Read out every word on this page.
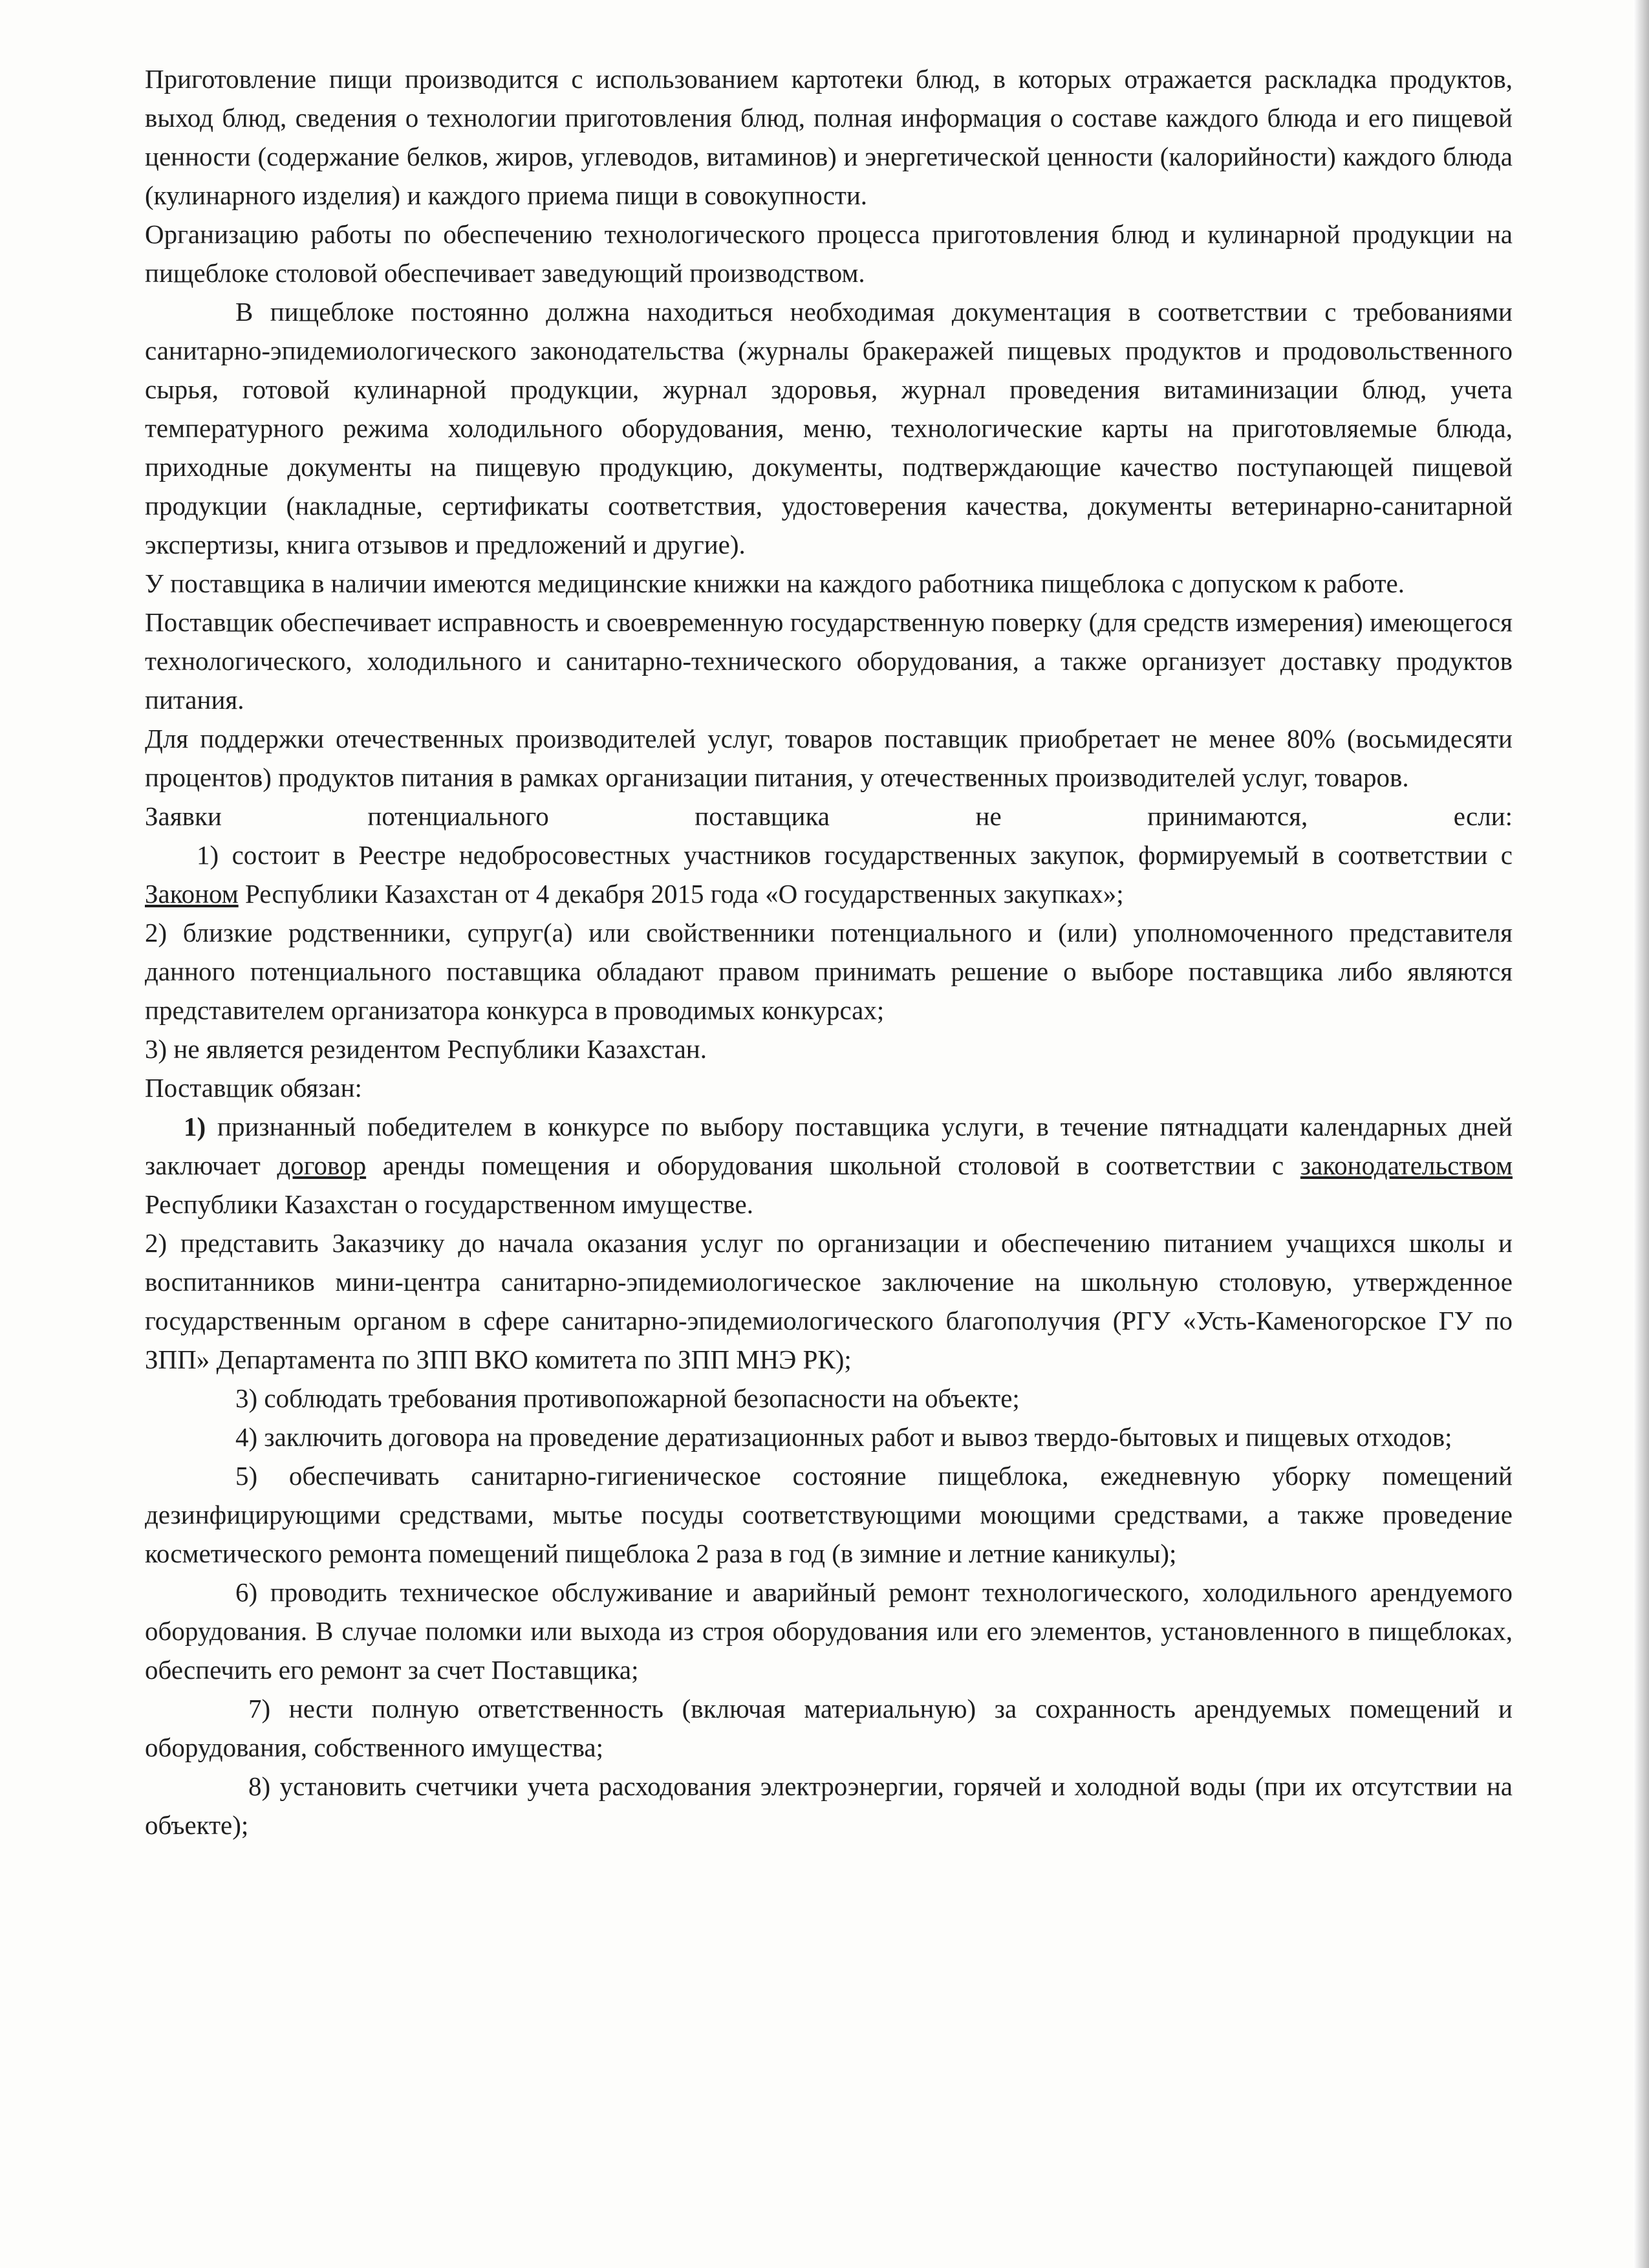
Приготовление пищи производится с использованием картотеки блюд, в которых отражается раскладка продуктов, выход блюд, сведения о технологии приготовления блюд, полная информация о составе каждого блюда и его пищевой ценности (содержание белков, жиров, углеводов, витаминов) и энергетической ценности (калорийности) каждого блюда (кулинарного изделия) и каждого приема пищи в совокупности.

Организацию работы по обеспечению технологического процесса приготовления блюд и кулинарной продукции на пищеблоке столовой обеспечивает заведующий производством.

В пищеблоке постоянно должна находиться необходимая документация в соответствии с требованиями санитарно-эпидемиологического законодательства (журналы бракеражей пищевых продуктов и продовольственного сырья, готовой кулинарной продукции, журнал здоровья, журнал проведения витаминизации блюд, учета температурного режима холодильного оборудования, меню, технологические карты на приготовляемые блюда, приходные документы на пищевую продукцию, документы, подтверждающие качество поступающей пищевой продукции (накладные, сертификаты соответствия, удостоверения качества, документы ветеринарно-санитарной экспертизы, книга отзывов и предложений и другие).

У поставщика в наличии имеются медицинские книжки на каждого работника пищеблока с допуском к работе.

Поставщик обеспечивает исправность и своевременную государственную поверку (для средств измерения) имеющегося технологического, холодильного и санитарно-технического оборудования, а также организует доставку продуктов питания.

Для поддержки отечественных производителей услуг, товаров поставщик приобретает не менее 80% (восьмидесяти процентов) продуктов питания в рамках организации питания, у отечественных производителей услуг, товаров.

Заявки потенциального поставщика не принимаются, если:

1) состоит в Реестре недобросовестных участников государственных закупок, формируемый в соответствии с Законом Республики Казахстан от 4 декабря 2015 года «О государственных закупках»;

2) близкие родственники, супруг(а) или свойственники потенциального и (или) уполномоченного представителя данного потенциального поставщика обладают правом принимать решение о выборе поставщика либо являются представителем организатора конкурса в проводимых конкурсах;

3) не является резидентом Республики Казахстан.

Поставщик обязан:

1) признанный победителем в конкурсе по выбору поставщика услуги, в течение пятнадцати календарных дней заключает договор аренды помещения и оборудования школьной столовой в соответствии с законодательством Республики Казахстан о государственном имуществе.

2) представить Заказчику до начала оказания услуг по организации и обеспечению питанием учащихся школы и воспитанников мини-центра санитарно-эпидемиологическое заключение на школьную столовую, утвержденное государственным органом в сфере санитарно-эпидемиологического благополучия (РГУ «Усть-Каменогорское ГУ по ЗПП» Департамента по ЗПП ВКО комитета по ЗПП МНЭ РК);

3) соблюдать требования противопожарной безопасности на объекте;

4) заключить договора на проведение дератизационных работ и вывоз твердо-бытовых и пищевых отходов;

5) обеспечивать санитарно-гигиеническое состояние пищеблока, ежедневную уборку помещений дезинфицирующими средствами, мытье посуды соответствующими моющими средствами, а также проведение косметического ремонта помещений пищеблока 2 раза в год (в зимние и летние каникулы);

6) проводить техническое обслуживание и аварийный ремонт технологического, холодильного арендуемого оборудования. В случае поломки или выхода из строя оборудования или его элементов, установленного в пищеблоках, обеспечить его ремонт за счет Поставщика;

7) нести полную ответственность (включая материальную) за сохранность арендуемых помещений и оборудования, собственного имущества;

8) установить счетчики учета расходования электроэнергии, горячей и холодной воды (при их отсутствии на объекте);
